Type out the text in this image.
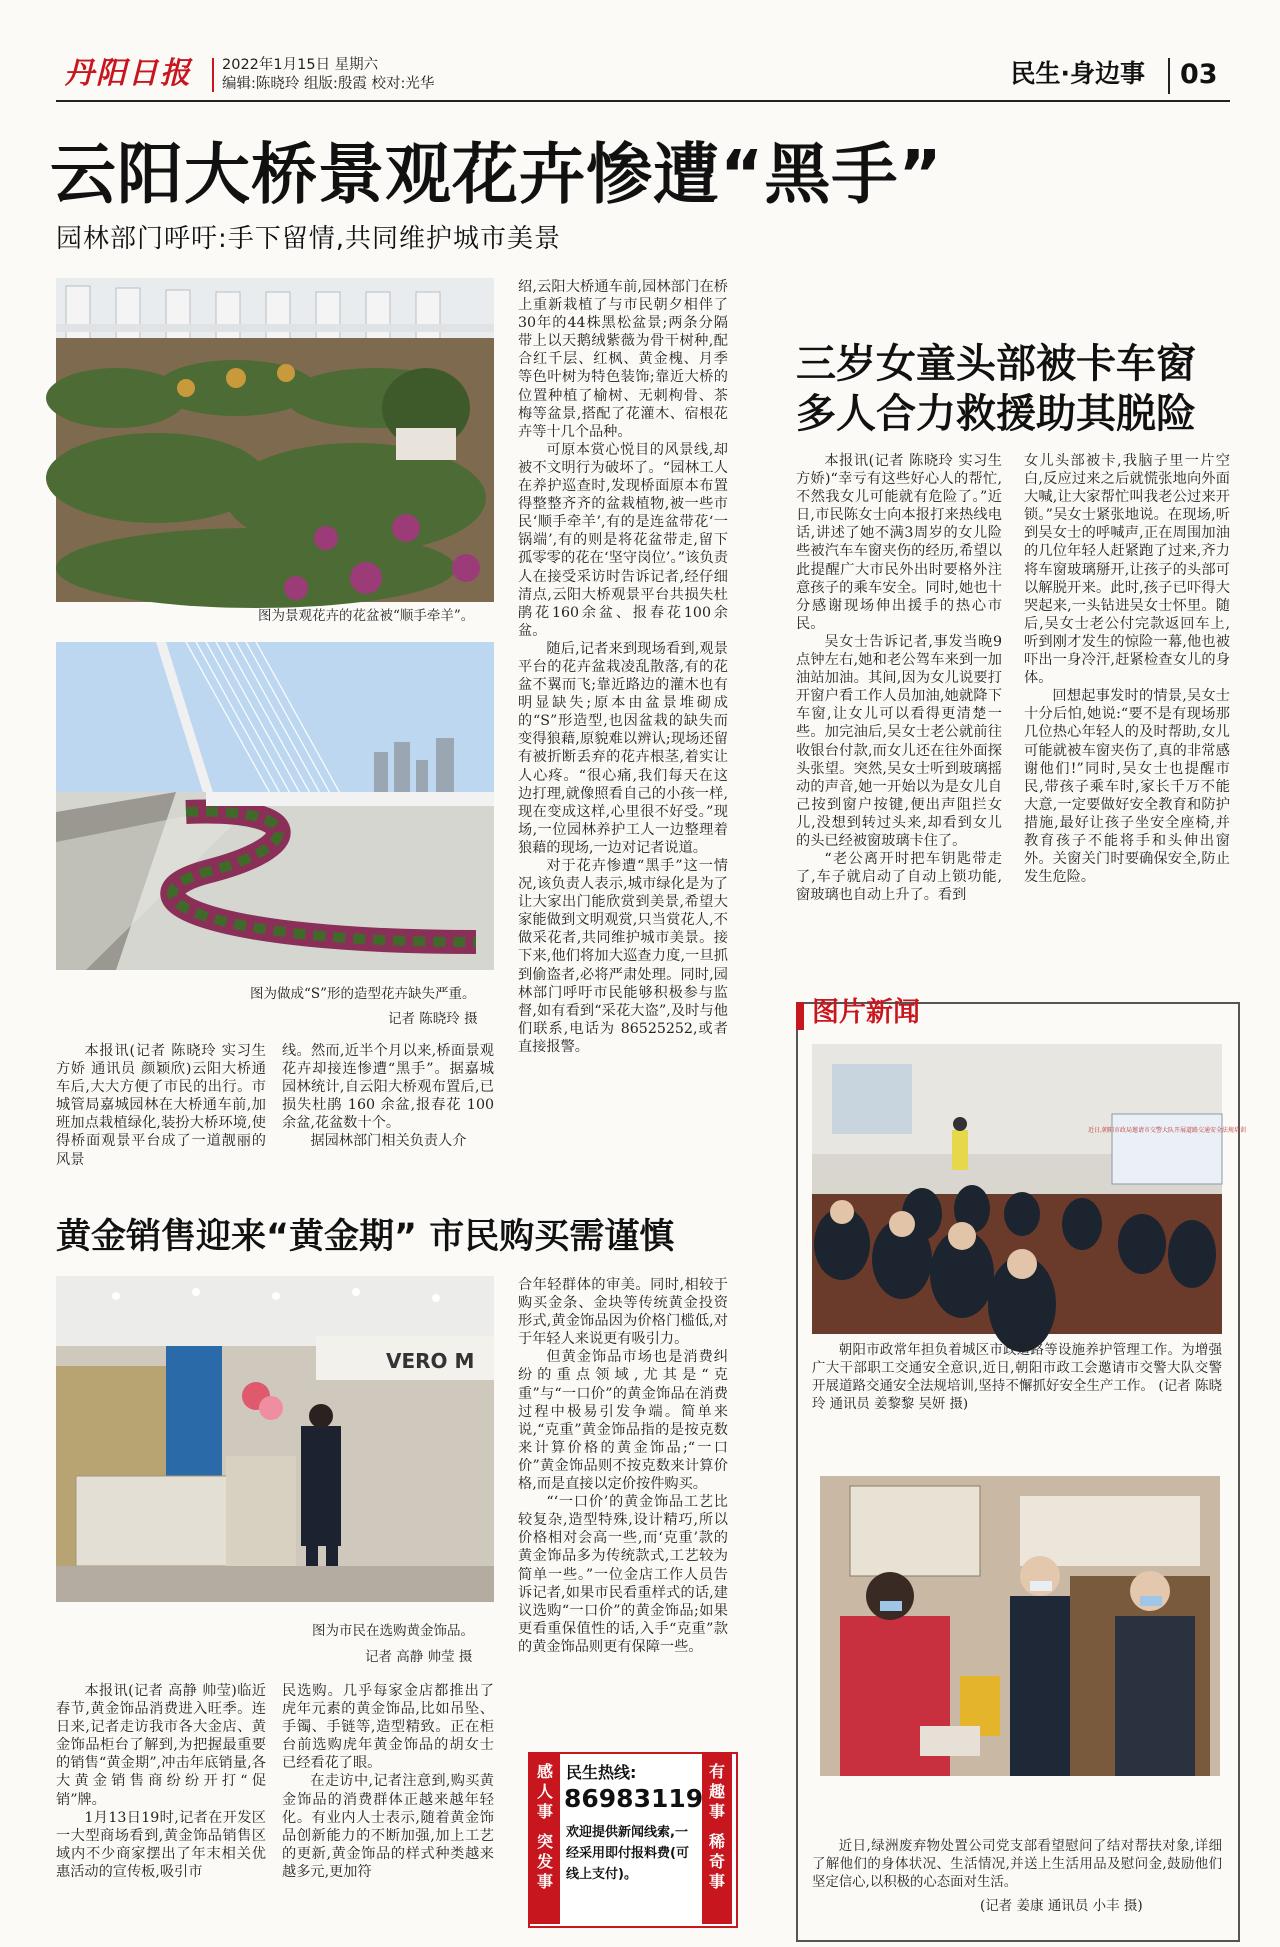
丹阳日报 2022年1月15日 星期六
编辑:陈晓玲 组版:殷霞 校对:光华	民生·身边事 03
云阳大桥景观花卉惨遭“黑手”
园林部门呼吁:手下留情,共同维护城市美景
图为景观花卉的花盆被“顺手牵羊”。
图为做成“S”形的造型花卉缺失严重。
记者 陈晓玲 摄

本报讯(记者 陈晓玲 实习生 方娇 通讯员 颜颖欣)云阳大桥通车后,大大方便了市民的出行。市城管局嘉城园林在大桥通车前,加班加点栽植绿化,装扮大桥环境,使得桥面观景平台成了一道靓丽的风景

线。然而,近半个月以来,桥面景观花卉却接连惨遭“黑手”。据嘉城园林统计,自云阳大桥观布置后,已损失杜鹃 160 余盆,报春花 100余盆,花盆数十个。

据园林部门相关负责人介

绍,云阳大桥通车前,园林部门在桥上重新栽植了与市民朝夕相伴了 30年的44株黑松盆景;两条分隔带上以天鹅绒紫薇为骨干树种,配合红千层、红枫、黄金槐、月季等色叶树为特色装饰;靠近大桥的位置种植了榆树、无刺枸骨、茶梅等盆景,搭配了花灌木、宿根花卉等十几个品种。

可原本赏心悦目的风景线,却被不文明行为破坏了。“园林工人在养护巡查时,发现桥面原本布置得整整齐齐的盆栽植物,被一些市民‘顺手牵羊’,有的是连盆带花‘一锅端’,有的则是将花盆带走,留下孤零零的花在‘坚守岗位’。”该负责人在接受采访时告诉记者,经仔细清点,云阳大桥观景平台共损失杜鹃花160余盆、报春花100余盆。

随后,记者来到现场看到,观景平台的花卉盆栽凌乱散落,有的花盆不翼而飞;靠近路边的灌木也有明显缺失;原本由盆景堆砌成的“S”形造型,也因盆栽的缺失而变得狼藉,原貌难以辨认;现场还留有被折断丢弃的花卉根茎,着实让人心疼。“很心痛,我们每天在这边打理,就像照看自己的小孩一样,现在变成这样,心里很不好受。”现场,一位园林养护工人一边整理着狼藉的现场,一边对记者说道。

对于花卉惨遭“黑手”这一情况,该负责人表示,城市绿化是为了让大家出门能欣赏到美景,希望大家能做到文明观赏,只当赏花人,不做采花者,共同维护城市美景。接下来,他们将加大巡查力度,一旦抓到偷盗者,必将严肃处理。同时,园林部门呼吁市民能够积极参与监督,如有看到“采花大盗”,及时与他们联系,电话为 86525252,或者直接报警。

三岁女童头部被卡车窗
多人合力救援助其脱险

本报讯(记者 陈晓玲 实习生 方娇)“幸亏有这些好心人的帮忙,不然我女儿可能就有危险了。”近日,市民陈女士向本报打来热线电话,讲述了她不满3周岁的女儿险些被汽车车窗夹伤的经历,希望以此提醒广大市民外出时要格外注意孩子的乘车安全。同时,她也十分感谢现场伸出援手的热心市民。

吴女士告诉记者,事发当晚9点钟左右,她和老公驾车来到一加油站加油。其间,因为女儿说要打开窗户看工作人员加油,她就降下车窗,让女儿可以看得更清楚一些。加完油后,吴女士老公就前往收银台付款,而女儿还在往外面探头张望。突然,吴女士听到玻璃摇动的声音,她一开始以为是女儿自己按到窗户按键,便出声阻拦女儿,没想到转过头来,却看到女儿的头已经被窗玻璃卡住了。

“老公离开时把车钥匙带走了,车子就启动了自动上锁功能,窗玻璃也自动上升了。看到

女儿头部被卡,我脑子里一片空白,反应过来之后就慌张地向外面大喊,让大家帮忙叫我老公过来开锁。”吴女士紧张地说。在现场,听到吴女士的呼喊声,正在周围加油的几位年轻人赶紧跑了过来,齐力将车窗玻璃掰开,让孩子的头部可以解脱开来。此时,孩子已吓得大哭起来,一头钻进吴女士怀里。随后,吴女士老公付完款返回车上,听到刚才发生的惊险一幕,他也被吓出一身冷汗,赶紧检查女儿的身体。

回想起事发时的情景,吴女士十分后怕,她说:“要不是有现场那几位热心年轻人的及时帮助,女儿可能就被车窗夹伤了,真的非常感谢他们!”同时,吴女士也提醒市民,带孩子乘车时,家长千万不能大意,一定要做好安全教育和防护措施,最好让孩子坐安全座椅,并教育孩子不能将手和头伸出窗外。关窗关门时要确保安全,防止发生危险。

图片新闻
近日,朝阳市政局邀请市交警大队开展道路交通安全法规培训
朝阳市政常年担负着城区市政道路等设施养护管理工作。为增强广大干部职工交通安全意识,近日,朝阳市政工会邀请市交警大队交警开展道路交通安全法规培训,坚持不懈抓好安全生产工作。 (记者 陈晓玲 通讯员 姜黎黎 吴妍 摄)
近日,绿洲废弃物处置公司党支部看望慰问了结对帮扶对象,详细了解他们的身体状况、生活情况,并送上生活用品及慰问金,鼓励他们坚定信心,以积极的心态面对生活。
(记者 姜康 通讯员 小丰 摄)
黄金销售迎来“黄金期” 市民购买需谨慎
VERO M
图为市民在选购黄金饰品。
记者 高静 帅莹 摄

本报讯(记者 高静 帅莹)临近春节,黄金饰品消费进入旺季。连日来,记者走访我市各大金店、黄金饰品柜台了解到,为把握最重要的销售“黄金期”,冲击年底销量,各大黄金销售商纷纷开打“促销”牌。

1月13日19时,记者在开发区一大型商场看到,黄金饰品销售区域内不少商家摆出了年末相关优惠活动的宣传板,吸引市

民选购。几乎每家金店都推出了虎年元素的黄金饰品,比如吊坠、手镯、手链等,造型精致。正在柜台前选购虎年黄金饰品的胡女士已经看花了眼。

在走访中,记者注意到,购买黄金饰品的消费群体正越来越年轻化。有业内人士表示,随着黄金饰品创新能力的不断加强,加上工艺的更新,黄金饰品的样式种类越来越多元,更加符

合年轻群体的审美。同时,相较于购买金条、金块等传统黄金投资形式,黄金饰品因为价格门槛低,对于年轻人来说更有吸引力。

但黄金饰品市场也是消费纠纷的重点领域,尤其是“克重”与“一口价”的黄金饰品在消费过程中极易引发争端。简单来说,“克重”黄金饰品指的是按克数来计算价格的黄金饰品;“一口价”黄金饰品则不按克数来计算价格,而是直接以定价按件购买。

“‘一口价’的黄金饰品工艺比较复杂,造型特殊,设计精巧,所以价格相对会高一些,而‘克重’款的黄金饰品多为传统款式,工艺较为简单一些。”一位金店工作人员告诉记者,如果市民看重样式的话,建议选购“一口价”的黄金饰品;如果更看重保值性的话,入手“克重”款的黄金饰品则更有保障一些。

感人事
突发事
有趣事
稀奇事
民生热线:
86983119
欢迎提供新闻线索,一经采用即付报料费(可线上支付)。
